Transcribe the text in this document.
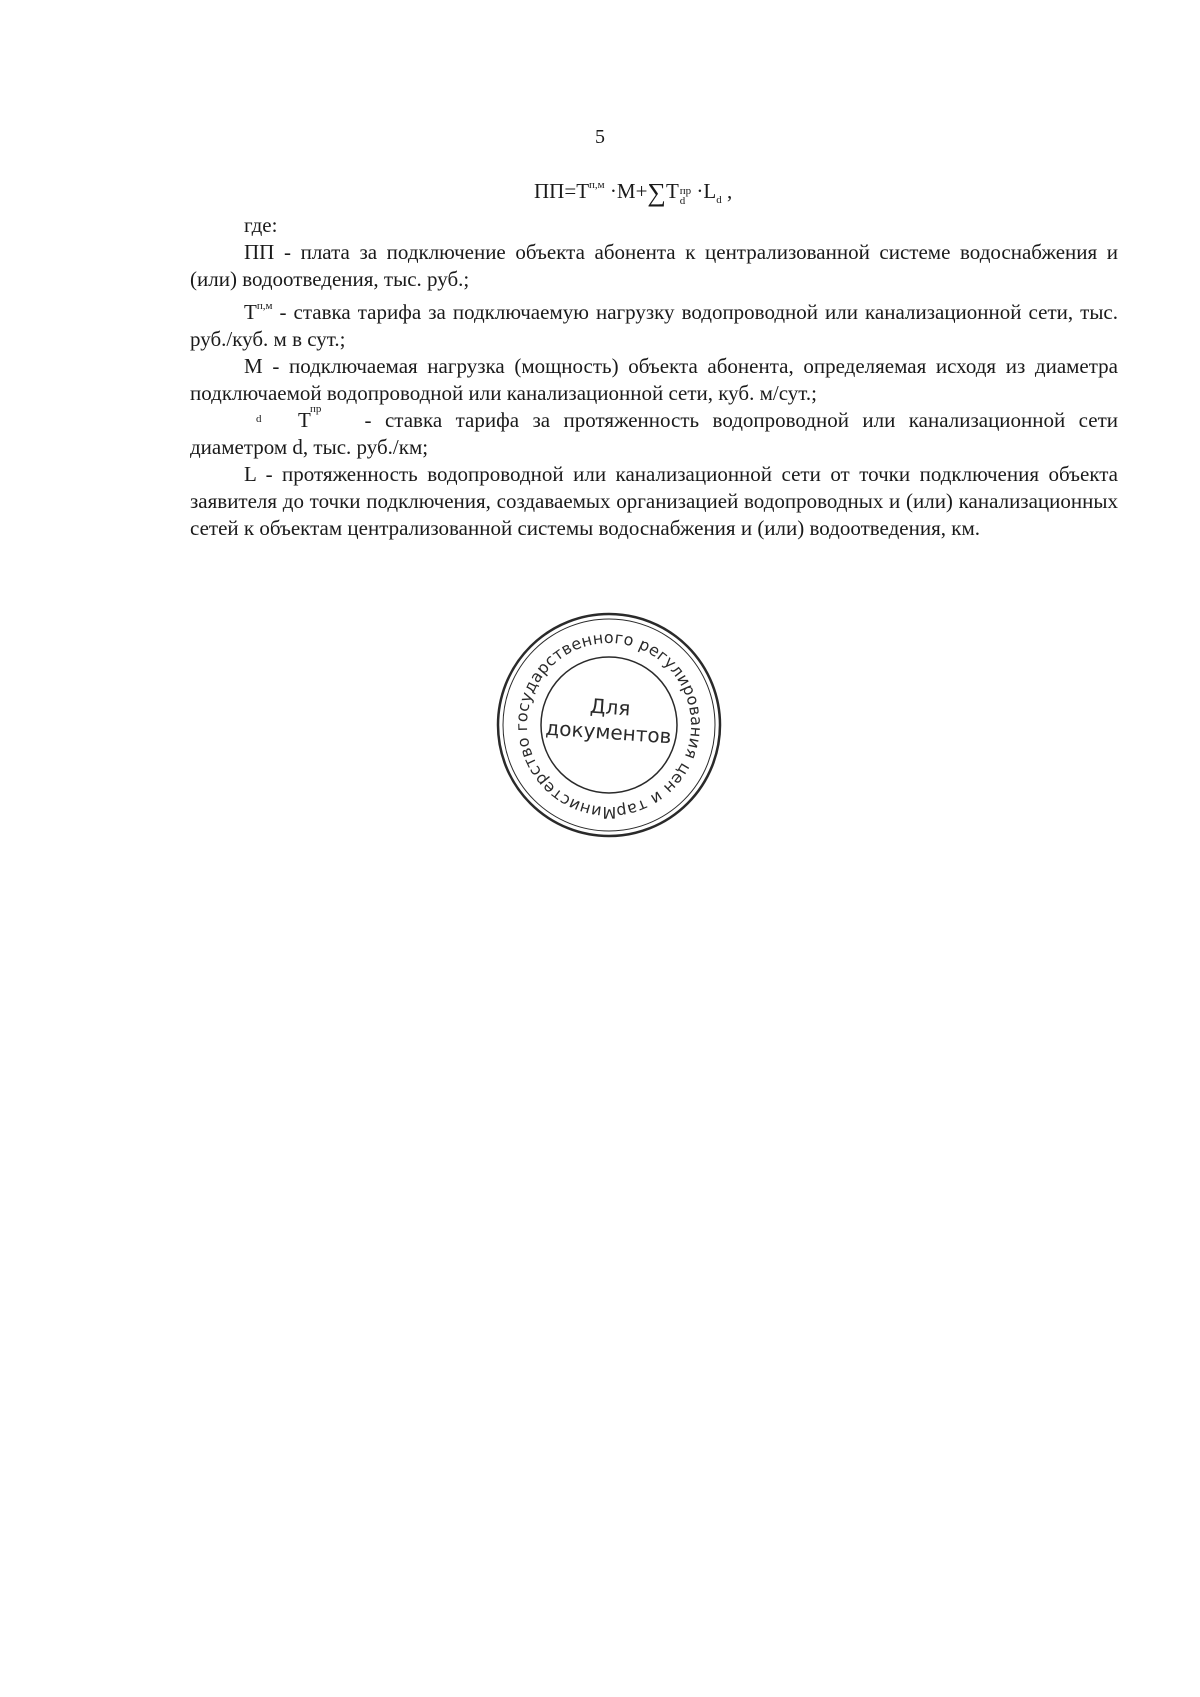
5
$ПП=T^{п,м} \cdot M+\sum Tпр$
$d \cdot L_d$ ,

где:

ПП - плата за подключение объекта абонента к централизованной системе водоснабжения и (или) водоотведения, тыс. руб.;

$T^{п,м}$ - ставка тарифа за подключаемую нагрузку водопроводной или канализационной сети, тыс. руб./куб. м в сут.;

M - подключаемая нагрузка (мощность) объекта абонента, определяемая исходя из диаметра подключаемой водопроводной или канализационной сети, куб. м/сут.;

T пр
d	- ставка тарифа за протяженность водопроводной или канализационной сети диаметром d, тыс. руб./км;

L - протяженность водопроводной или канализационной сети от точки подключения объекта заявителя до точки подключения, создаваемых организацией водопроводных и (или) канализационных сетей к объектам централизованной системы водоснабжения и (или) водоотведения, км.

Министерство государственного регулирования цен и тарифов Владимирской области ★
Для
документов
